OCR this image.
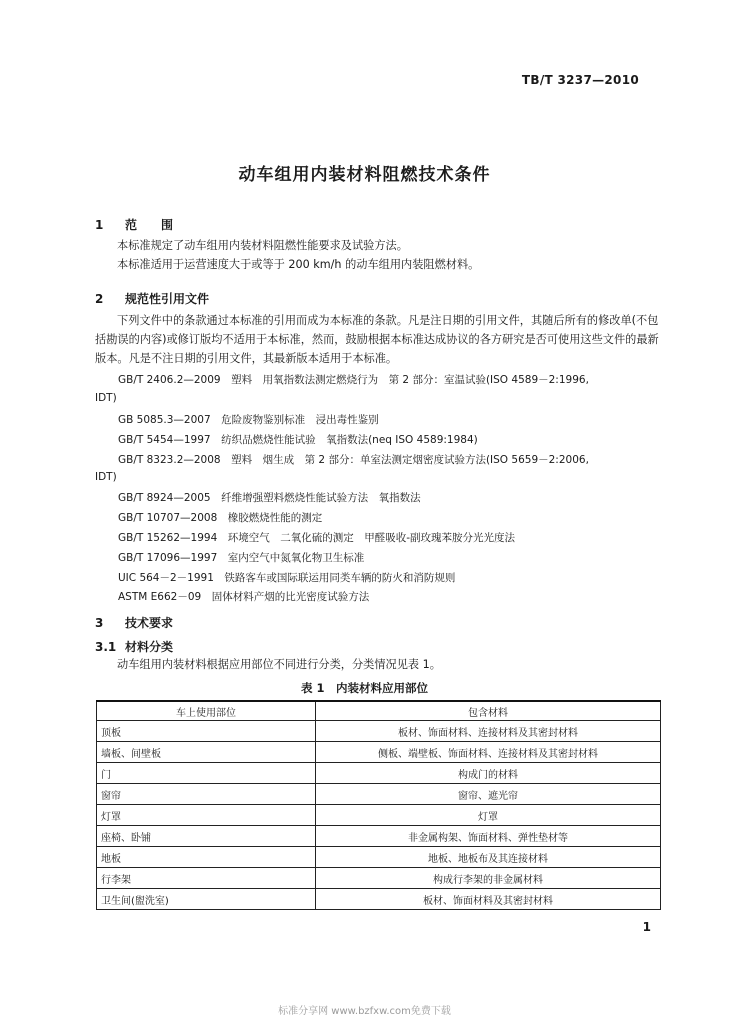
TB/T 3237—2010
动车组用内装材料阻燃技术条件
1 范　　围
本标准规定了动车组用内装材料阻燃性能要求及试验方法。
本标准适用于运营速度大于或等于 200 km/h 的动车组用内装阻燃材料。
2 规范性引用文件
下列文件中的条款通过本标准的引用而成为本标准的条款。凡是注日期的引用文件，其随后所有的修改单(不包括勘误的内容)或修订版均不适用于本标准，然而，鼓励根据本标准达成协议的各方研究是否可使用这些文件的最新版本。凡是不注日期的引用文件，其最新版本适用于本标准。
GB/T 2406.2—2009　塑料　用氧指数法测定燃烧行为　第 2 部分：室温试验(ISO 4589－2:1996,
IDT)
GB 5085.3—2007　危险废物鉴别标准　浸出毒性鉴别
GB/T 5454—1997　纺织品燃烧性能试验　氧指数法(neq ISO 4589:1984)
GB/T 8323.2—2008　塑料　烟生成　第 2 部分：单室法测定烟密度试验方法(ISO 5659－2:2006,
IDT)
GB/T 8924—2005　纤维增强塑料燃烧性能试验方法　氧指数法
GB/T 10707—2008　橡胶燃烧性能的测定
GB/T 15262—1994　环境空气　二氧化硫的测定　甲醛吸收-副玫瑰苯胺分光光度法
GB/T 17096—1997　室内空气中氮氧化物卫生标准
UIC 564－2－1991　铁路客车或国际联运用同类车辆的防火和消防规则
ASTM E662－09　固体材料产烟的比光密度试验方法
3 技术要求
3.1 材料分类
动车组用内装材料根据应用部位不同进行分类，分类情况见表 1。
表 1　内装材料应用部位
车上使用部位	包含材料
顶板	板材、饰面材料、连接材料及其密封材料
墙板、间壁板	侧板、端壁板、饰面材料、连接材料及其密封材料
门	构成门的材料
窗帘	窗帘、遮光帘
灯罩	灯罩
座椅、卧铺	非金属构架、饰面材料、弹性垫材等
地板	地板、地板布及其连接材料
行李架	构成行李架的非金属材料
卫生间(盥洗室)	板材、饰面材料及其密封材料
1
标准分享网 www.bzfxw.com免费下载
